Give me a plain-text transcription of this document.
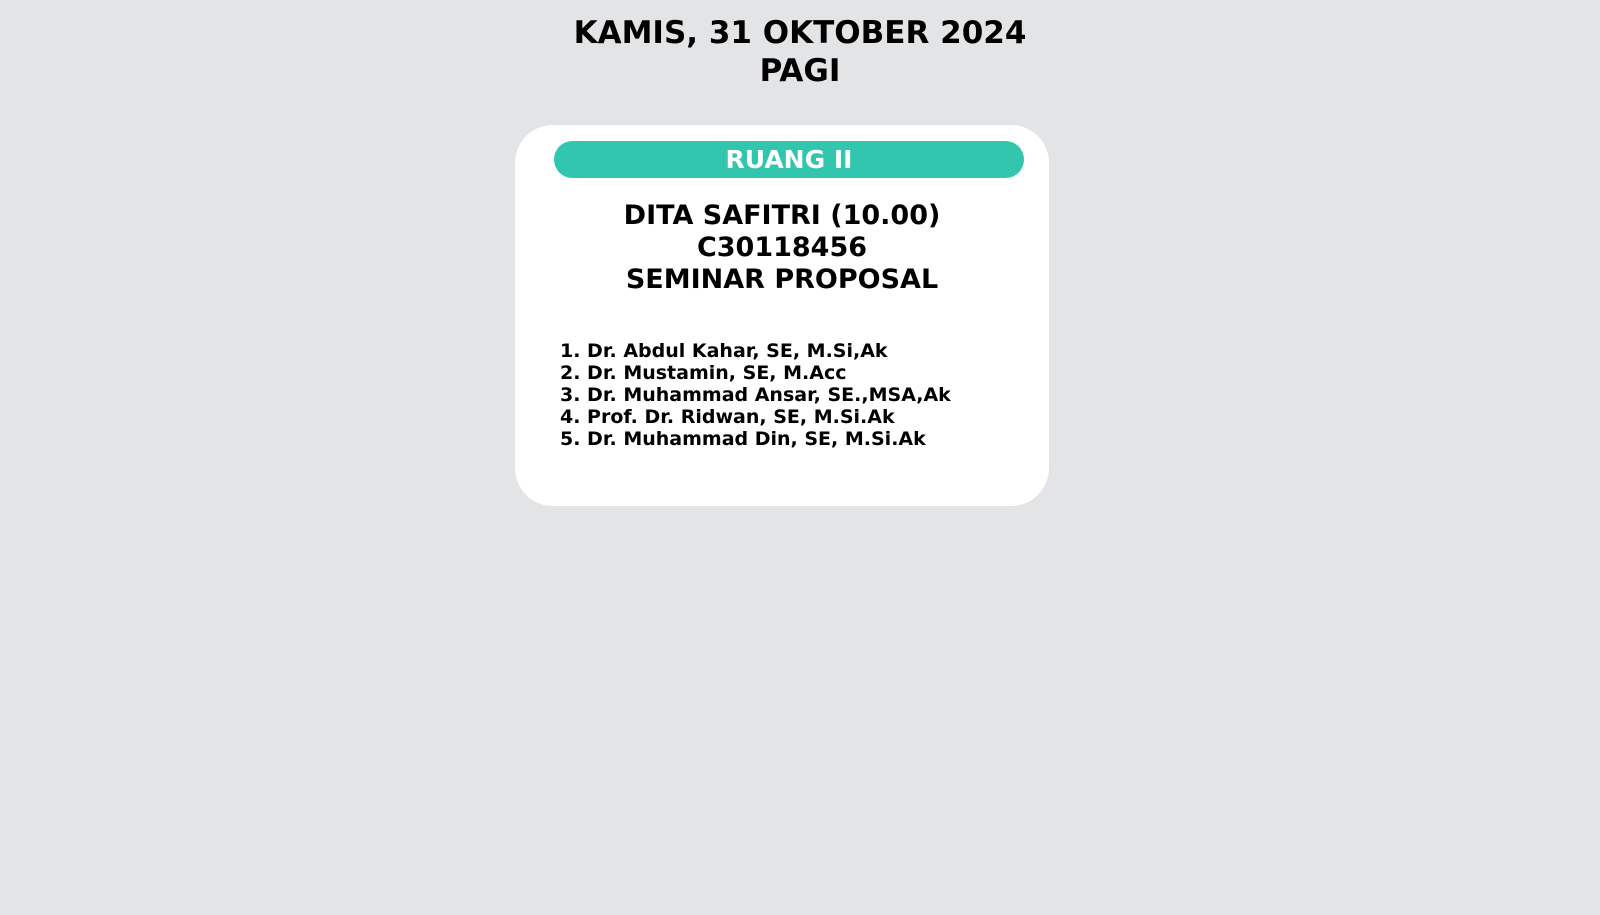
KAMIS, 31 OKTOBER 2024
PAGI
RUANG II
DITA SAFITRI (10.00)
C30118456
SEMINAR PROPOSAL
1. Dr. Abdul Kahar, SE, M.Si,Ak
2. Dr. Mustamin, SE, M.Acc
3. Dr. Muhammad Ansar, SE.,MSA,Ak
4. Prof. Dr. Ridwan, SE, M.Si.Ak
5. Dr. Muhammad Din, SE, M.Si.Ak
